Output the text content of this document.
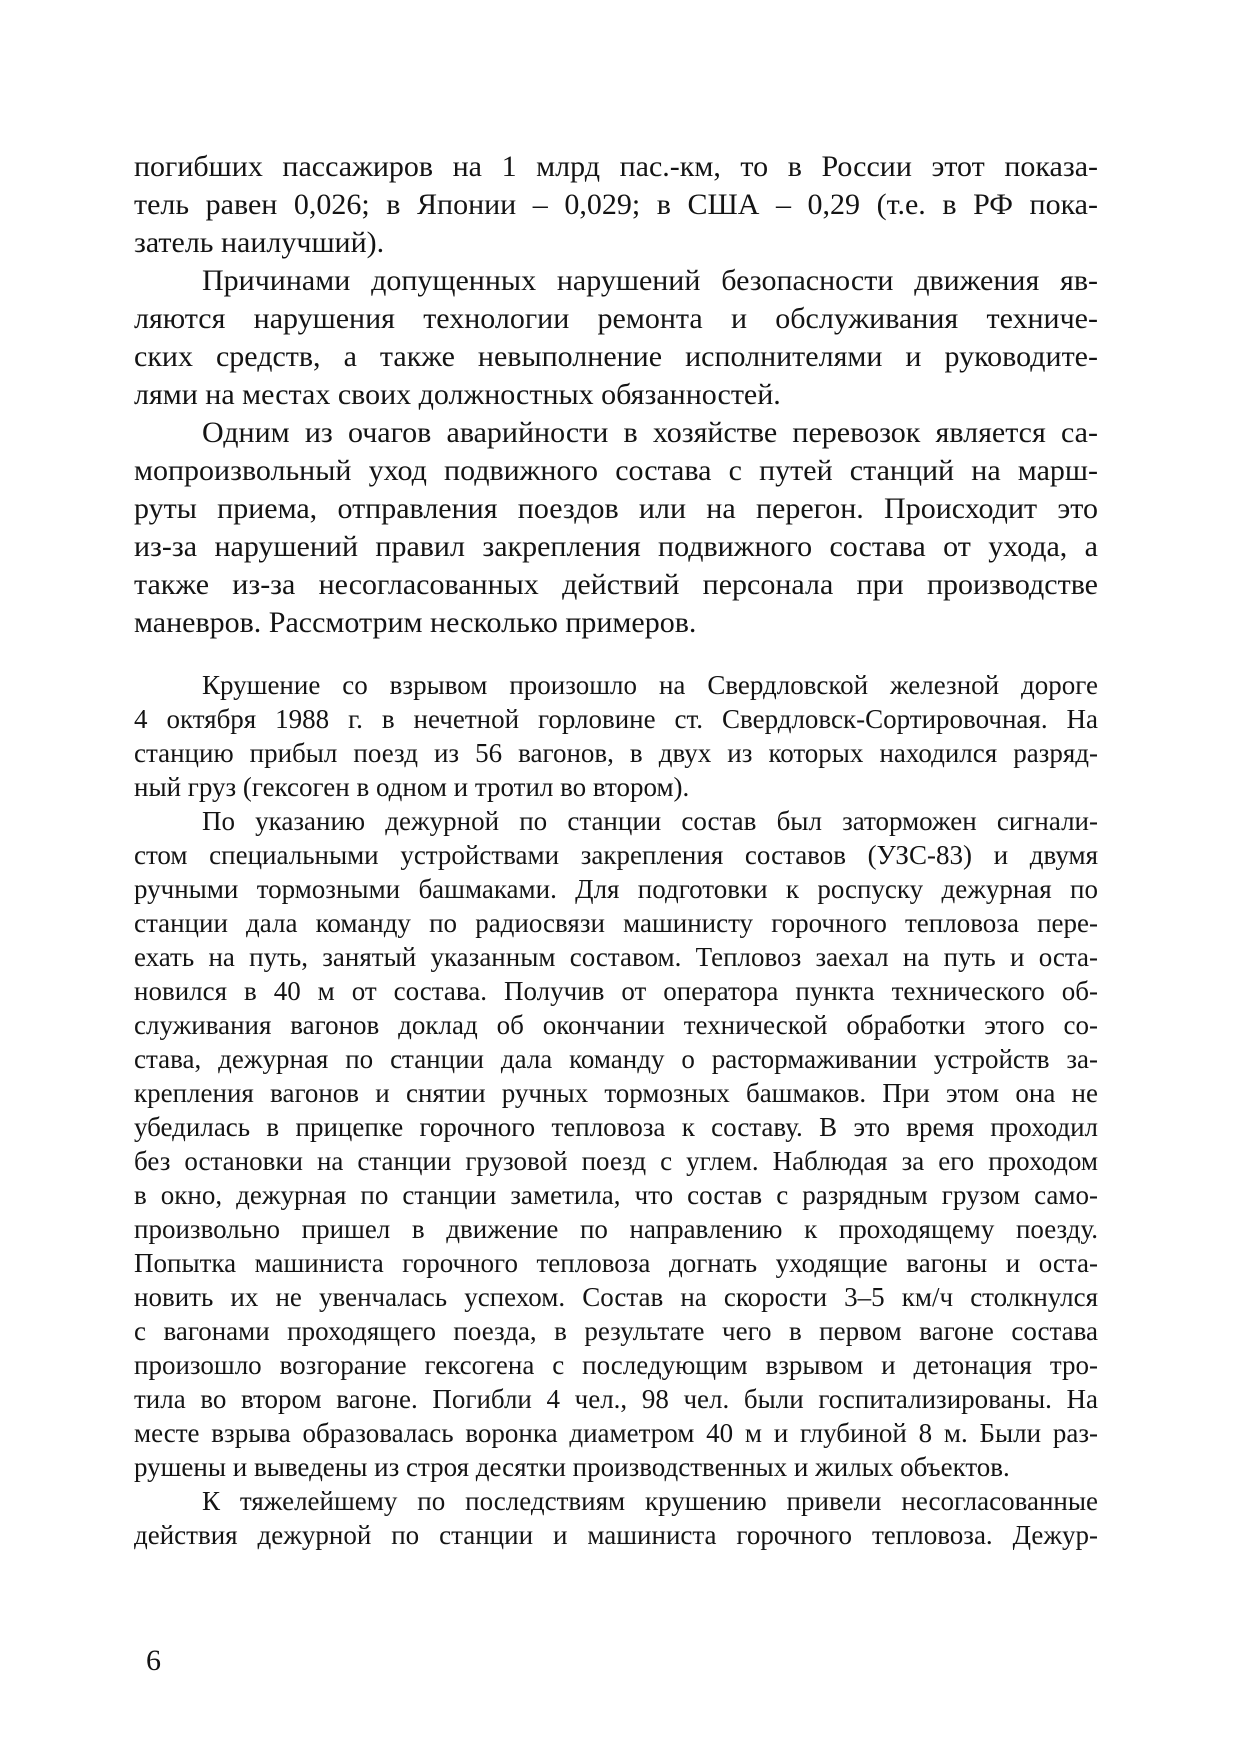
погибших пассажиров на 1 млрд пас.-км, то в России этот показа-
тель равен 0,026; в Японии – 0,029; в США – 0,29 (т.е. в РФ пока-
затель наилучший).
Причинами допущенных нарушений безопасности движения яв-
ляются нарушения технологии ремонта и обслуживания техниче-
ских средств, а также невыполнение исполнителями и руководите-
лями на местах своих должностных обязанностей.
Одним из очагов аварийности в хозяйстве перевозок является са-
мопроизвольный уход подвижного состава с путей станций на марш-
руты приема, отправления поездов или на перегон. Происходит это
из-за нарушений правил закрепления подвижного состава от ухода, а
также из-за несогласованных действий персонала при производстве
маневров. Рассмотрим несколько примеров.
Крушение со взрывом произошло на Свердловской железной дороге
4 октября 1988 г. в нечетной горловине ст. Свердловск-Сортировочная. На
станцию прибыл поезд из 56 вагонов, в двух из которых находился разряд-
ный груз (гексоген в одном и тротил во втором).
По указанию дежурной по станции состав был заторможен сигнали-
стом специальными устройствами закрепления составов (УЗС-83) и двумя
ручными тормозными башмаками. Для подготовки к роспуску дежурная по
станции дала команду по радиосвязи машинисту горочного тепловоза пере-
ехать на путь, занятый указанным составом. Тепловоз заехал на путь и оста-
новился в 40 м от состава. Получив от оператора пункта технического об-
служивания вагонов доклад об окончании технической обработки этого со-
става, дежурная по станции дала команду о растормаживании устройств за-
крепления вагонов и снятии ручных тормозных башмаков. При этом она не
убедилась в прицепке горочного тепловоза к составу. В это время проходил
без остановки на станции грузовой поезд с углем. Наблюдая за его проходом
в окно, дежурная по станции заметила, что состав с разрядным грузом само-
произвольно пришел в движение по направлению к проходящему поезду.
Попытка машиниста горочного тепловоза догнать уходящие вагоны и оста-
новить их не увенчалась успехом. Состав на скорости 3–5 км/ч столкнулся
с вагонами проходящего поезда, в результате чего в первом вагоне состава
произошло возгорание гексогена с последующим взрывом и детонация тро-
тила во втором вагоне. Погибли 4 чел., 98 чел. были госпитализированы. На
месте взрыва образовалась воронка диаметром 40 м и глубиной 8 м. Были раз-
рушены и выведены из строя десятки производственных и жилых объектов.
К тяжелейшему по последствиям крушению привели несогласованные
действия дежурной по станции и машиниста горочного тепловоза. Дежур-
6
